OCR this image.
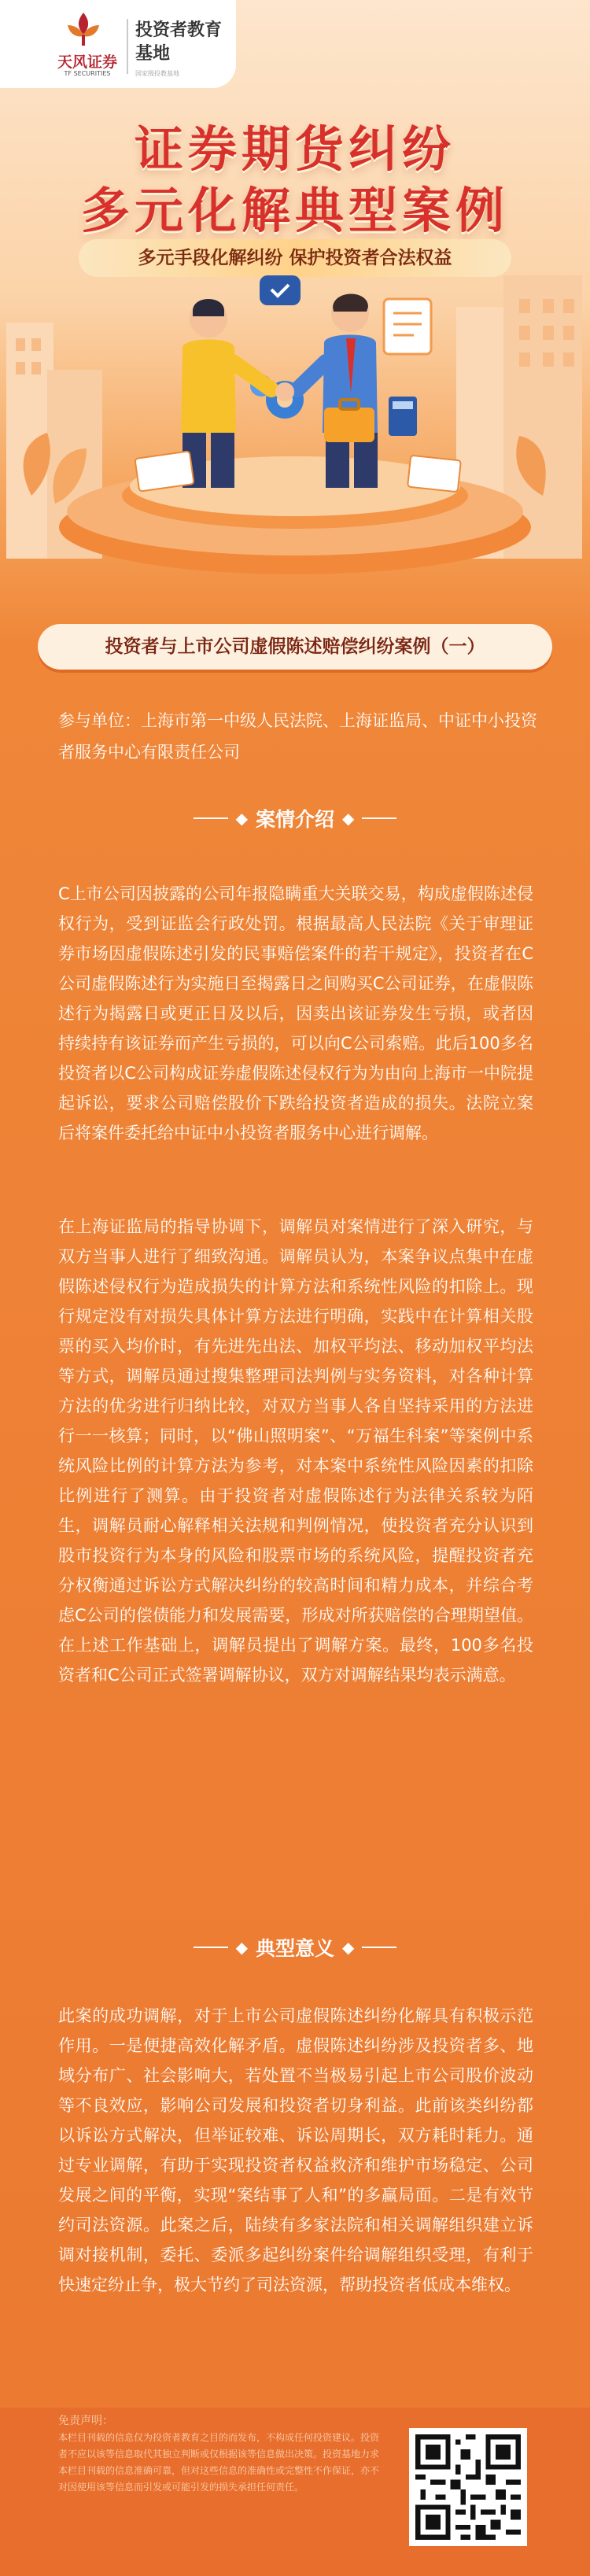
天风证券
TF SECURITIES
投资者教育基地
国家级投教基地
证券期货纠纷
多元化解典型案例
多元手段化解纠纷 保护投资者合法权益
投资者与上市公司虚假陈述赔偿纠纷案例（一）
参与单位：上海市第一中级人民法院、上海证监局、中证中小投资者服务中心有限责任公司
◆ 案情介绍 ◆
C上市公司因披露的公司年报隐瞒重大关联交易，构成虚假陈述侵权行为，受到证监会行政处罚。根据最高人民法院《关于审理证券市场因虚假陈述引发的民事赔偿案件的若干规定》，投资者在C公司虚假陈述行为实施日至揭露日之间购买C公司证券，在虚假陈述行为揭露日或更正日及以后，因卖出该证券发生亏损，或者因持续持有该证券而产生亏损的，可以向C公司索赔。此后100多名投资者以C公司构成证券虚假陈述侵权行为为由向上海市一中院提起诉讼，要求公司赔偿股价下跌给投资者造成的损失。法院立案后将案件委托给中证中小投资者服务中心进行调解。
在上海证监局的指导协调下，调解员对案情进行了深入研究，与双方当事人进行了细致沟通。调解员认为，本案争议点集中在虚假陈述侵权行为造成损失的计算方法和系统性风险的扣除上。现行规定没有对损失具体计算方法进行明确，实践中在计算相关股票的买入均价时，有先进先出法、加权平均法、移动加权平均法等方式，调解员通过搜集整理司法判例与实务资料，对各种计算方法的优劣进行归纳比较，对双方当事人各自坚持采用的方法进行一一核算；同时，以“佛山照明案”、“万福生科案”等案例中系统风险比例的计算方法为参考，对本案中系统性风险因素的扣除比例进行了测算。由于投资者对虚假陈述行为法律关系较为陌生，调解员耐心解释相关法规和判例情况，使投资者充分认识到股市投资行为本身的风险和股票市场的系统风险，提醒投资者充分权衡通过诉讼方式解决纠纷的较高时间和精力成本，并综合考虑C公司的偿债能力和发展需要，形成对所获赔偿的合理期望值。在上述工作基础上，调解员提出了调解方案。最终，100多名投资者和C公司正式签署调解协议，双方对调解结果均表示满意。
◆ 典型意义 ◆
此案的成功调解，对于上市公司虚假陈述纠纷化解具有积极示范作用。一是便捷高效化解矛盾。虚假陈述纠纷涉及投资者多、地域分布广、社会影响大，若处置不当极易引起上市公司股价波动等不良效应，影响公司发展和投资者切身利益。此前该类纠纷都以诉讼方式解决，但举证较难、诉讼周期长，双方耗时耗力。通过专业调解，有助于实现投资者权益救济和维护市场稳定、公司发展之间的平衡，实现“案结事了人和”的多赢局面。二是有效节约司法资源。此案之后，陆续有多家法院和相关调解组织建立诉调对接机制，委托、委派多起纠纷案件给调解组织受理，有利于快速定纷止争，极大节约了司法资源，帮助投资者低成本维权。
免责声明：
本栏目刊载的信息仅为投资者教育之目的而发布，不构成任何投资建议。投资者不应以该等信息取代其独立判断或仅根据该等信息做出决策。投资基地力求本栏目刊载的信息准确可靠，但对这些信息的准确性或完整性不作保证，亦不对因使用该等信息而引发或可能引发的损失承担任何责任。
